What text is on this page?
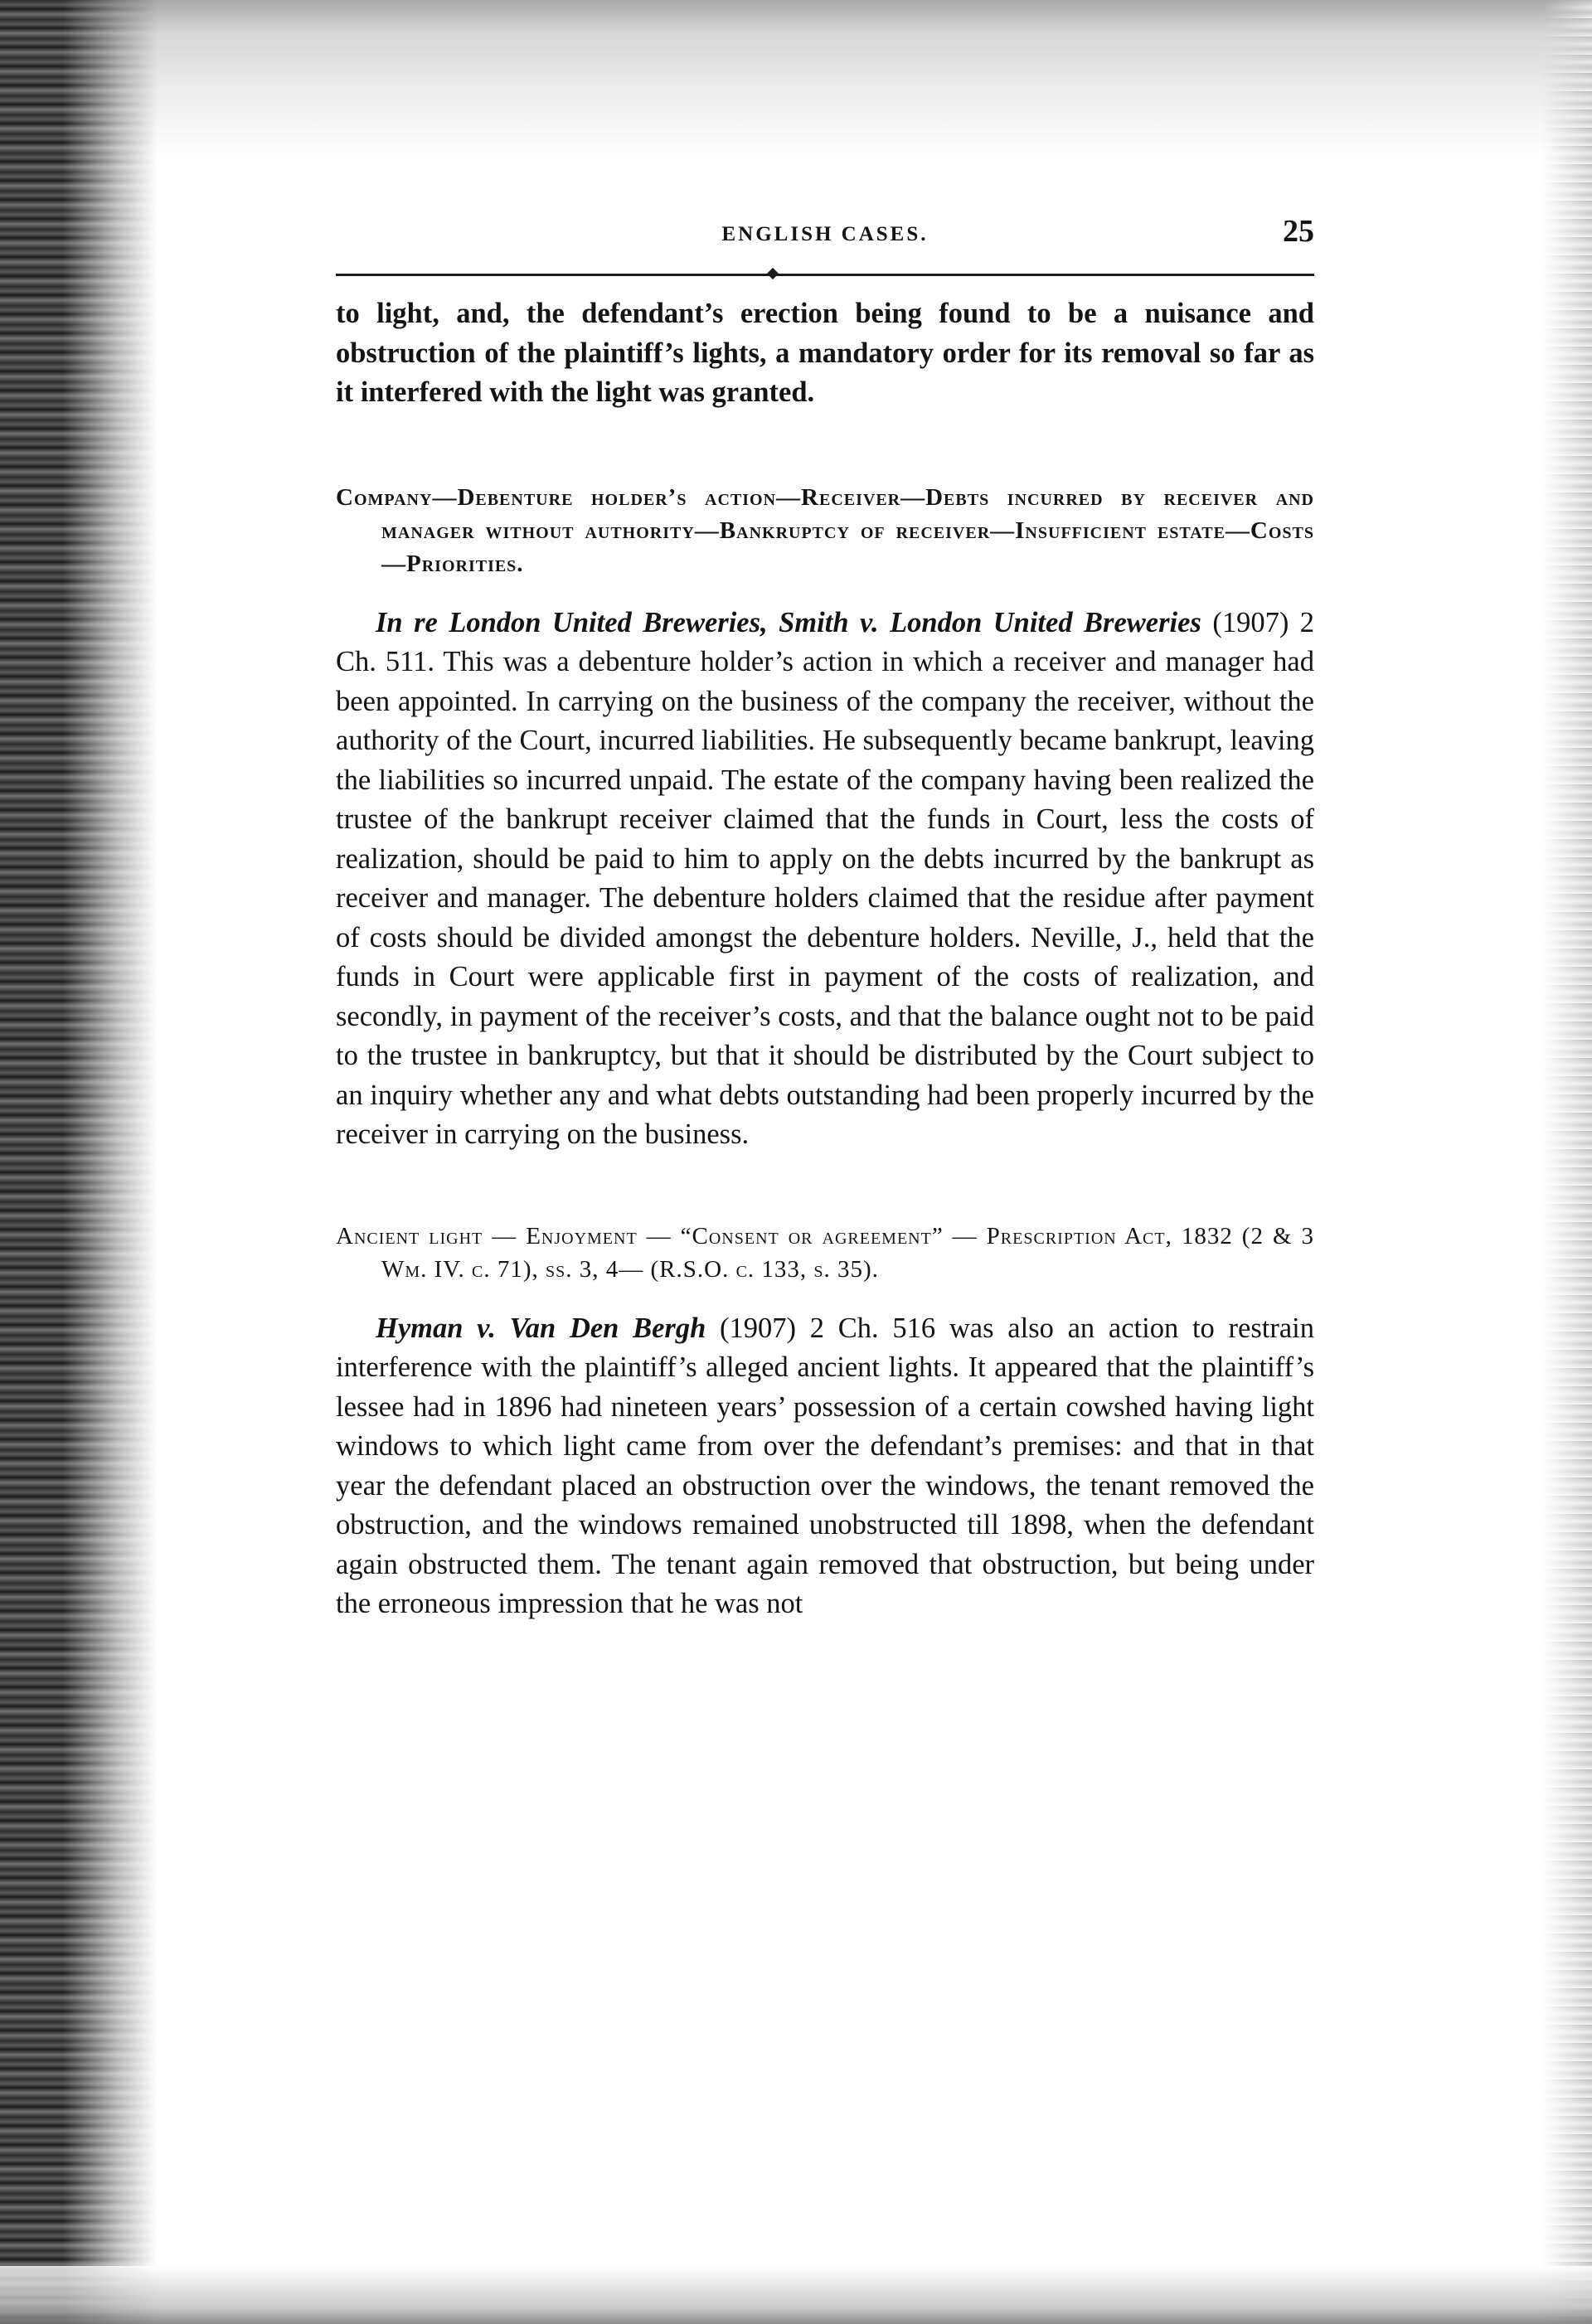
ENGLISH CASES.	25

to light, and, the defendant’s erection being found to be a nuisance and obstruction of the plaintiff’s lights, a mandatory order for its removal so far as it interfered with the light was granted.

Company—Debenture holder’s action—Receiver—Debts incurred by receiver and manager without authority—Bankruptcy of receiver—Insufficient estate—Costs—Priorities.

In re London United Breweries, Smith v. London United Breweries (1907) 2 Ch. 511. This was a debenture holder’s action in which a receiver and manager had been appointed. In carrying on the business of the company the receiver, without the authority of the Court, incurred liabilities. He subsequently became bankrupt, leaving the liabilities so incurred unpaid. The estate of the company having been realized the trustee of the bankrupt receiver claimed that the funds in Court, less the costs of realization, should be paid to him to apply on the debts incurred by the bankrupt as receiver and manager. The debenture holders claimed that the residue after payment of costs should be divided amongst the debenture holders. Neville, J., held that the funds in Court were applicable first in payment of the costs of realization, and secondly, in payment of the receiver’s costs, and that the balance ought not to be paid to the trustee in bankruptcy, but that it should be distributed by the Court subject to an inquiry whether any and what debts outstanding had been properly incurred by the receiver in carrying on the business.

Ancient light — Enjoyment — “Consent or agreement” — Prescription Act, 1832 (2 & 3 Wm. IV. c. 71), ss. 3, 4— (R.S.O. c. 133, s. 35).

Hyman v. Van Den Bergh (1907) 2 Ch. 516 was also an action to restrain interference with the plaintiff’s alleged ancient lights. It appeared that the plaintiff’s lessee had in 1896 had nineteen years’ possession of a certain cowshed having light windows to which light came from over the defendant’s premises: and that in that year the defendant placed an obstruction over the windows, the tenant removed the obstruction, and the windows remained unobstructed till 1898, when the defendant again obstructed them. The tenant again removed that obstruction, but being under the erroneous impression that he was not
